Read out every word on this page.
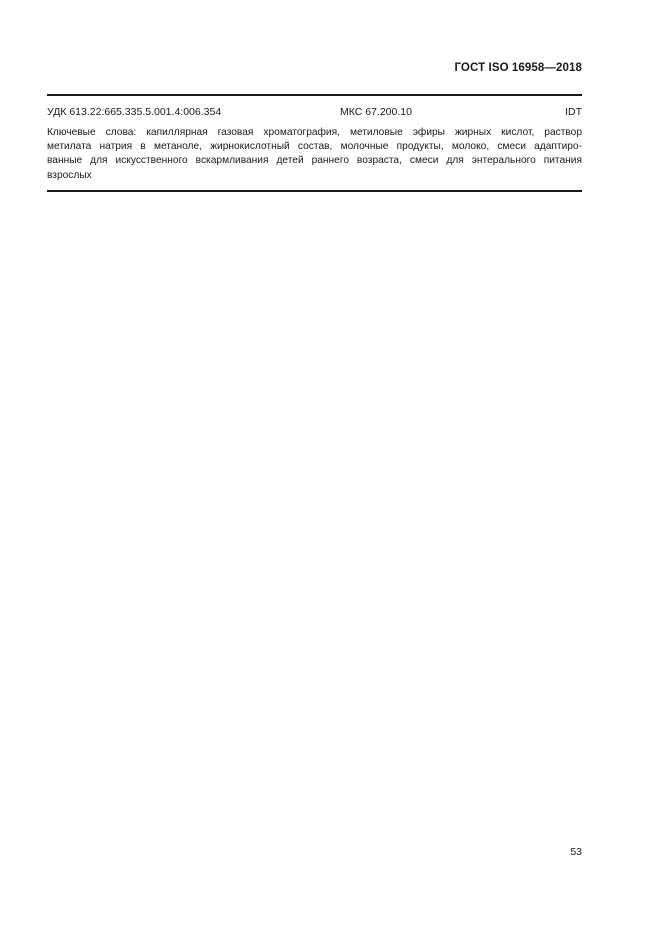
ГОСТ ISO 16958—2018
УДК 613.22:665.335.5.001.4:006.354	МКС 67.200.10	IDT
Ключевые слова: капиллярная газовая хроматография, метиловые эфиры жирных кислот, раствор
метилата натрия в метаноле, жирнокислотный состав, молочные продукты, молоко, смеси адаптиро-
ванные для искусственного вскармливания детей раннего возраста, смеси для энтерального питания
взрослых
53
